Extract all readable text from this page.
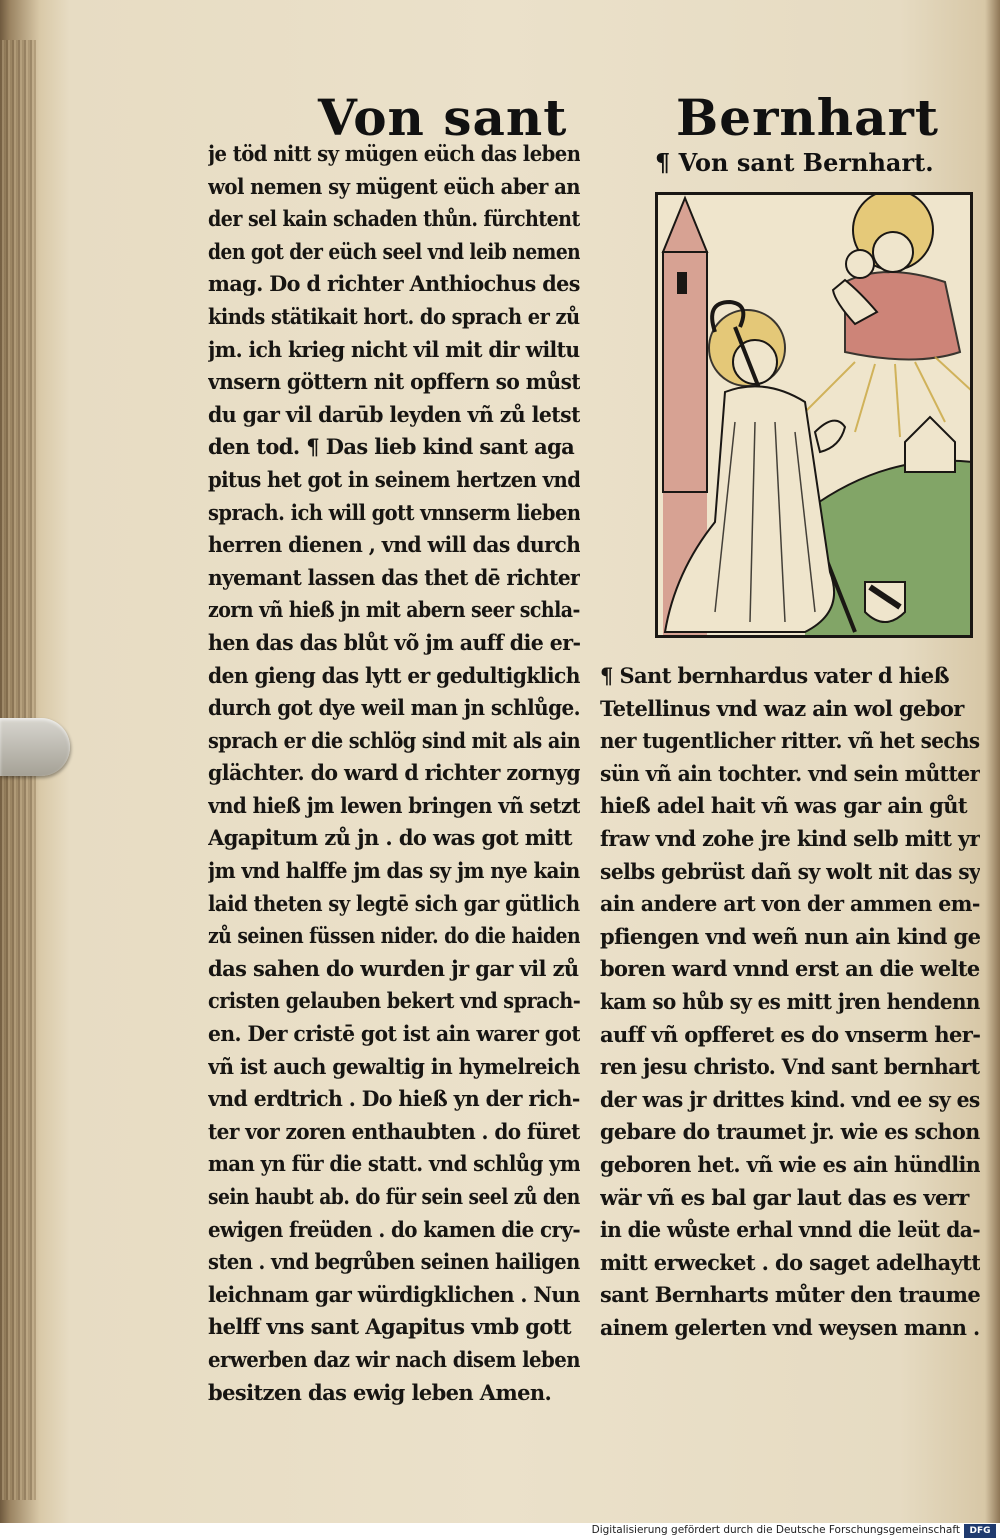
Von sant Bernhart
je töd nitt sy mügen eüch das leben
wol nemen sy mügent eüch aber an
der sel kain schaden thůn. fürchtent
den got der eüch seel vnd leib nemen
mag. Do d richter Anthiochus des
kinds stätikait hort. do sprach er zů
jm. ich krieg nicht vil mit dir wiltu
vnsern göttern nit opffern so můst
du gar vil darūb leyden vñ zů letst
den tod. ¶ Das lieb kind sant aga
pitus het got in seinem hertzen vnd
sprach. ich will gott vnnserm lieben
herren dienen , vnd will das durch
nyemant lassen das thet dē richter
zorn vñ hieß jn mit abern seer schla-
hen das das blůt võ jm auff die er-
den gieng das lytt er gedultigklich
durch got dye weil man jn schlůge.
sprach er die schlög sind mit als ain
glächter. do ward d richter zornyg
vnd hieß jm lewen bringen vñ setzt
Agapitum zů jn . do was got mitt
jm vnd halffe jm das sy jm nye kain
laid theten sy legtē sich gar gütlich
zů seinen füssen nider. do die haiden
das sahen do wurden jr gar vil zů
cristen gelauben bekert vnd sprach-
en. Der cristē got ist ain warer got
vñ ist auch gewaltig in hymelreich
vnd erdtrich . Do hieß yn der rich-
ter vor zoren enthaubten . do füret
man yn für die statt. vnd schlůg ym
sein haubt ab. do für sein seel zů den
ewigen freüden . do kamen die cry-
sten . vnd begrůben seinen hailigen
leichnam gar würdigklichen . Nun
helff vns sant Agapitus vmb gott
erwerben daz wir nach disem leben
besitzen das ewig leben Amen.
¶ Von sant Bernhart.
¶ Sant bernhardus vater d hieß
Tetellinus vnd waz ain wol gebor
ner tugentlicher ritter. vñ het sechs
sün vñ ain tochter. vnd sein můtter
hieß adel hait vñ was gar ain gůt
fraw vnd zohe jre kind selb mitt yr
selbs gebrüst dañ sy wolt nit das sy
ain andere art von der ammen em-
pfiengen vnd weñ nun ain kind ge
boren ward vnnd erst an die welte
kam so hůb sy es mitt jren hendenn
auff vñ opfferet es do vnserm her-
ren jesu christo. Vnd sant bernhart
der was jr drittes kind. vnd ee sy es
gebare do traumet jr. wie es schon
geboren het. vñ wie es ain hündlin
wär vñ es bal gar laut das es verr
in die wůste erhal vnnd die leüt da-
mitt erwecket . do saget adelhaytt
sant Bernharts můter den traume
ainem gelerten vnd weysen mann .
Digitalisierung gefördert durch die Deutsche Forschungsgemeinschaft	DFG
